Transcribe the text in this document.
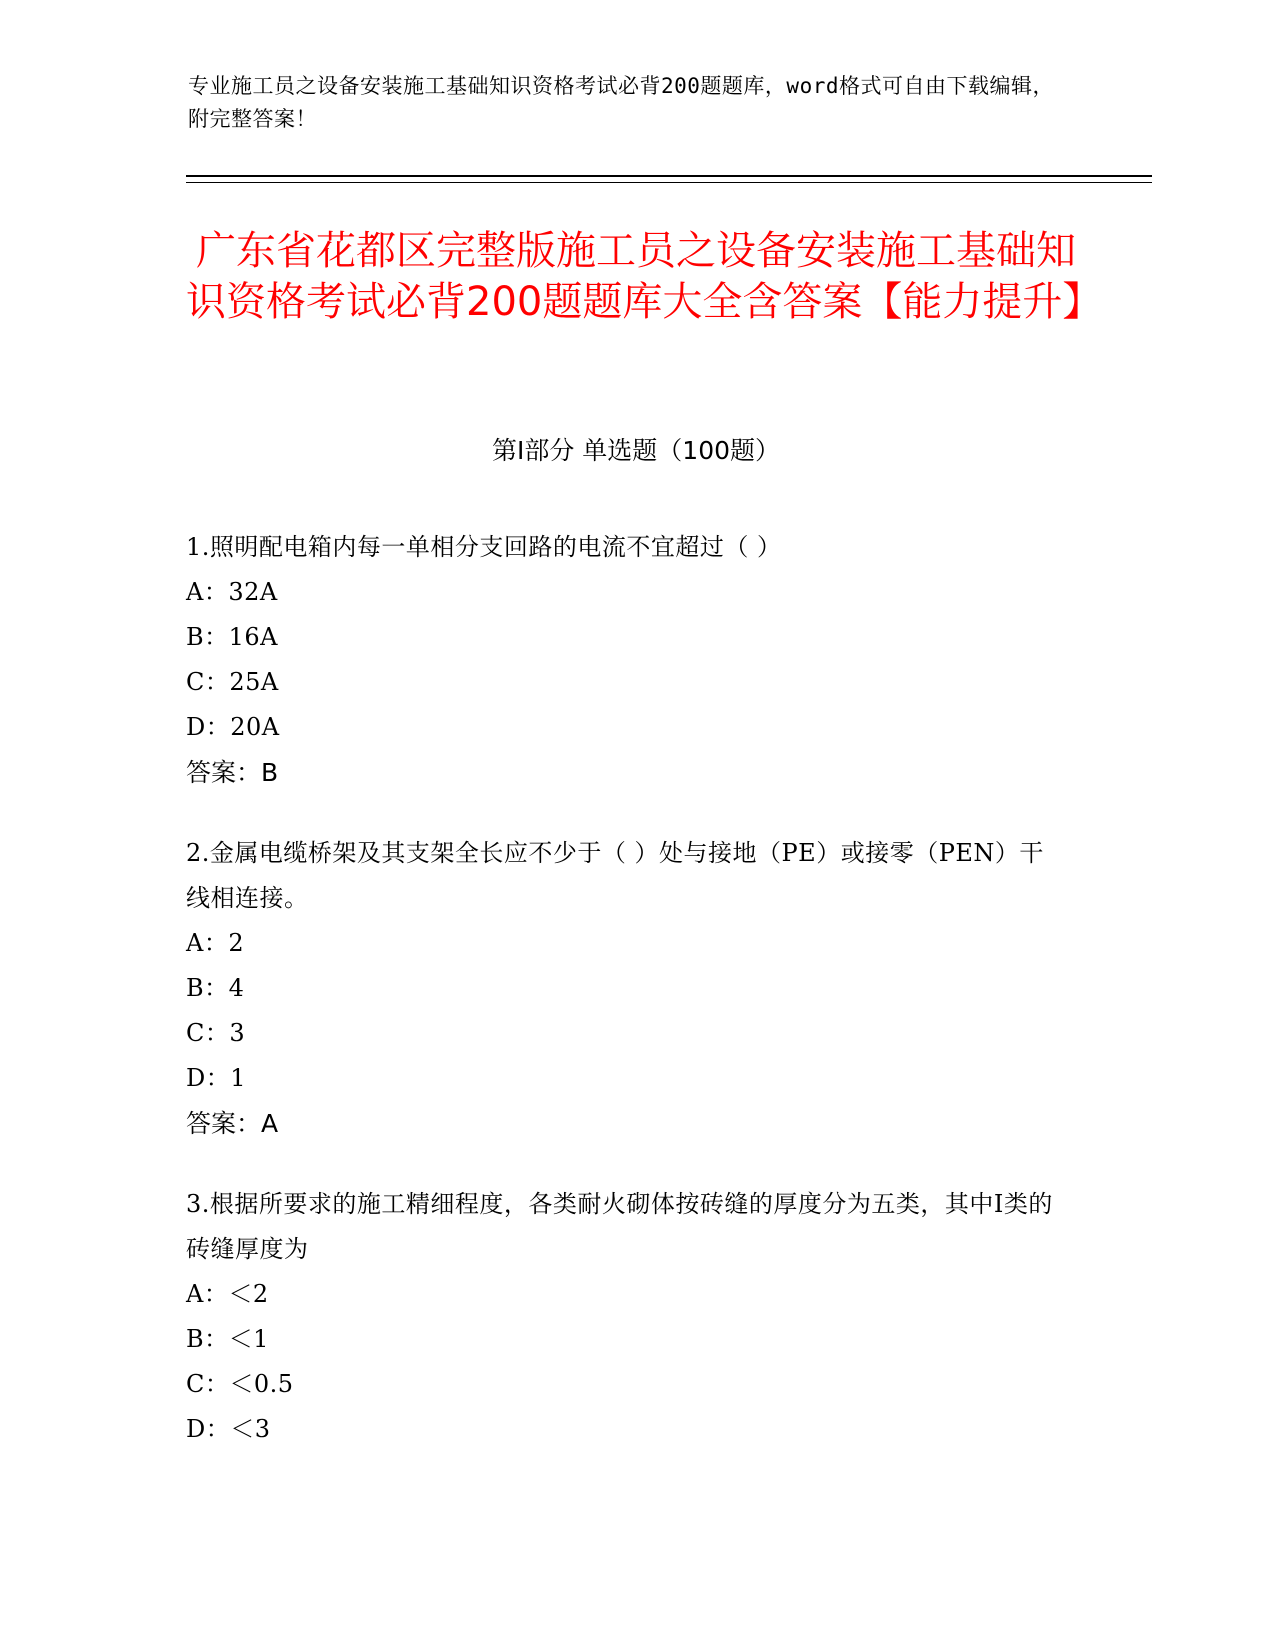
专业施工员之设备安装施工基础知识资格考试必背200题题库，word格式可自由下载编辑，附完整答案！
广东省花都区完整版施工员之设备安装施工基础知识资格考试必背200题题库大全含答案【能力提升】
第Ⅰ部分 单选题（100题）
1.照明配电箱内每一单相分支回路的电流不宜超过（ ）
A：32A
B：16A
C：25A
D：20A
答案：B
2.金属电缆桥架及其支架全长应不少于（ ）处与接地（PE）或接零（PEN）干线相连接。
A：2
B：4
C：3
D：1
答案：A
3.根据所要求的施工精细程度，各类耐火砌体按砖缝的厚度分为五类，其中Ⅰ类的砖缝厚度为
A：＜2
B：＜1
C：＜0.5
D：＜3
